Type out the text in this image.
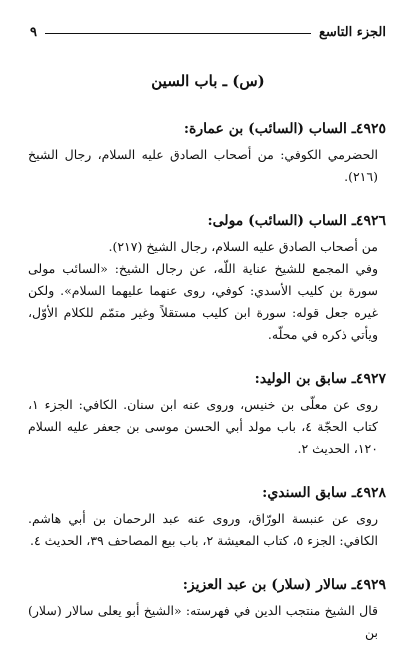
الجزء التاسع
٩
(س) ـ باب السين
٤٩٢٥ـ الساب (السائب) بن عمارة:

الحضرمي الكوفي: من أصحاب الصادق عليه السلام، رجال الشيخ (٢١٦).

٤٩٢٦ـ الساب (السائب) مولى:

من أصحاب الصادق عليه السلام، رجال الشيخ (٢١٧).

وفي المجمع للشيخ عناية اللّه، عن رجال الشيخ: «السائب مولى سورة بن كليب الأسدي: كوفي، روى عنهما عليهما السلام». ولكن غيره جعل قوله: سورة ابن كليب مستقلاً وغير متمّم للكلام الأوّل، ويأتي ذكره في محلّه.

٤٩٢٧ـ سابق بن الوليد:

روى عن معلّى بن خنيس، وروى عنه ابن سنان. الكافي: الجزء ١، كتاب الحجّة ٤، باب مولد أبي الحسن موسى بن جعفر عليه السلام ١٢٠، الحديث ٢.

٤٩٢٨ـ سابق السندي:

روى عن عنبسة الورّاق، وروى عنه عبد الرحمان بن أبي هاشم. الكافي: الجزء ٥، كتاب المعيشة ٢، باب بيع المصاحف ٣٩، الحديث ٤.

٤٩٢٩ـ سالار (سلار) بن عبد العزيز:

قال الشيخ منتجب الدين في فهرسته: «الشيخ أبو يعلى سالار (سلار) بن
